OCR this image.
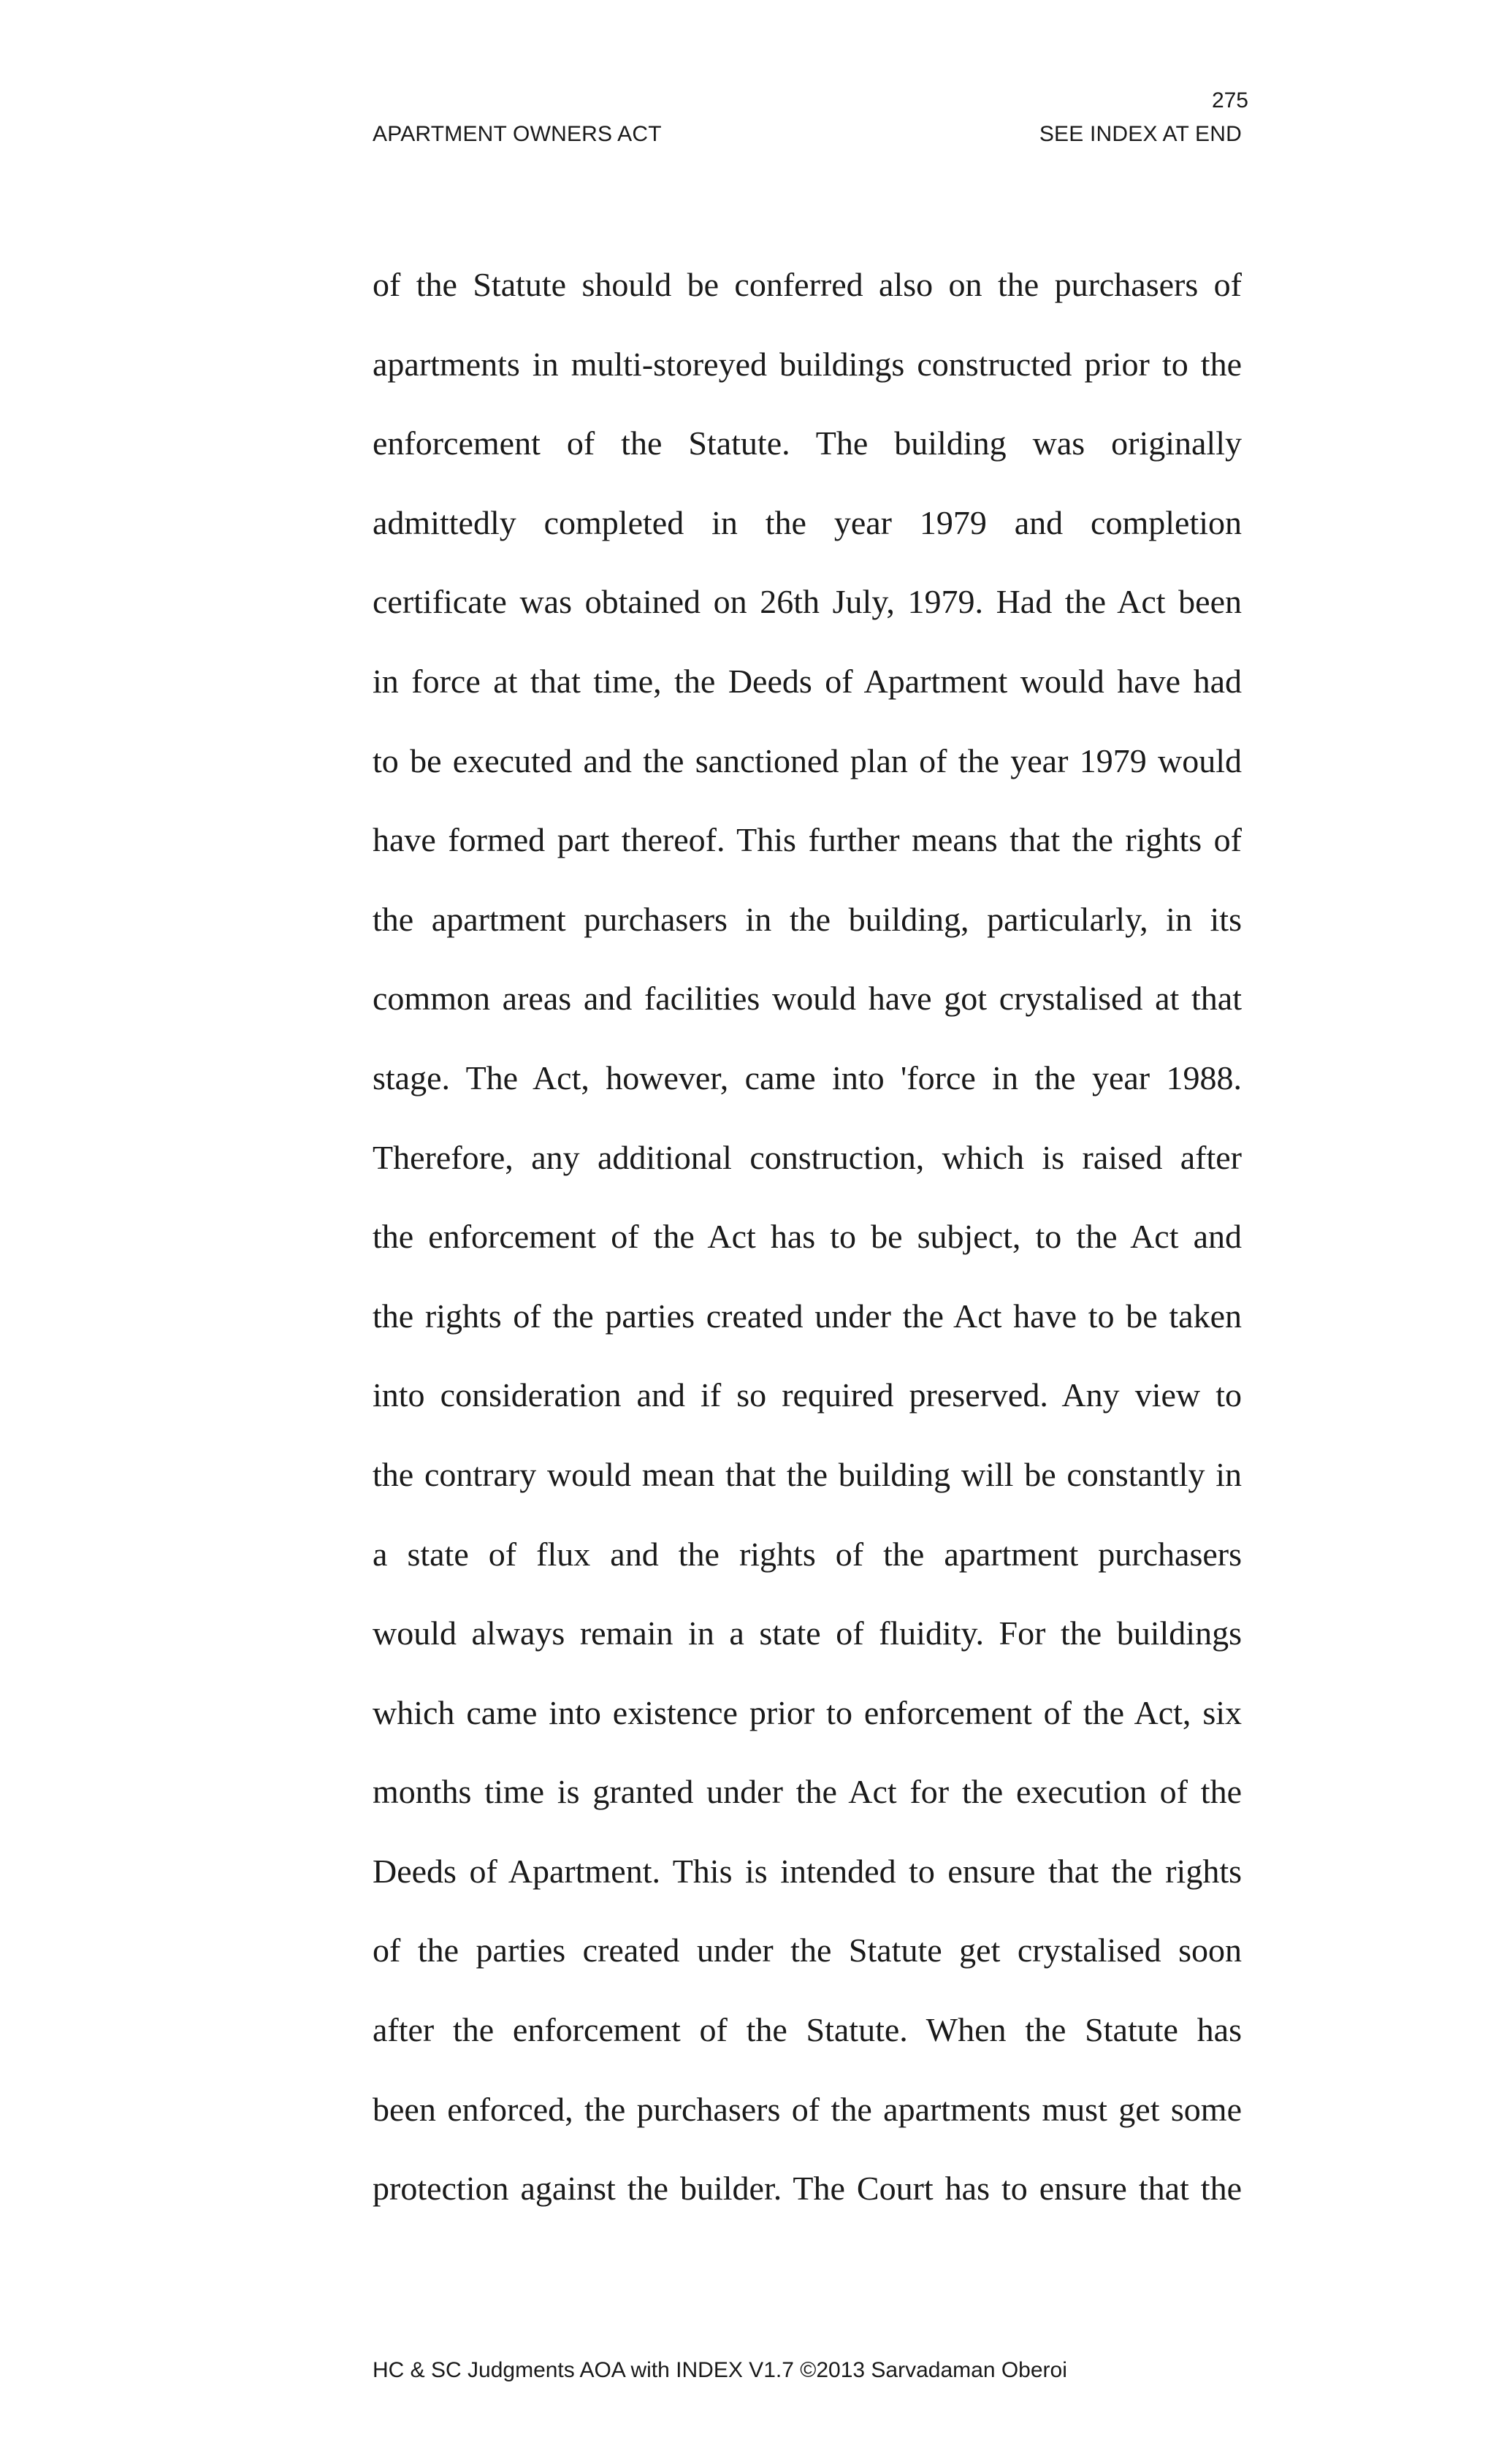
275
APARTMENT OWNERS ACT	SEE INDEX AT END
of the Statute should be conferred also on the purchasers of
apartments in multi-storeyed buildings constructed prior to the
enforcement of the Statute. The building was originally
admittedly completed in the year 1979 and completion
certificate was obtained on 26th July, 1979. Had the Act been
in force at that time, the Deeds of Apartment would have had
to be executed and the sanctioned plan of the year 1979 would
have formed part thereof. This further means that the rights of
the apartment purchasers in the building, particularly, in its
common areas and facilities would have got crystalised at that
stage. The Act, however, came into 'force in the year 1988.
Therefore, any additional construction, which is raised after
the enforcement of the Act has to be subject, to the Act and
the rights of the parties created under the Act have to be taken
into consideration and if so required preserved. Any view to
the contrary would mean that the building will be constantly in
a state of flux and the rights of the apartment purchasers
would always remain in a state of fluidity. For the buildings
which came into existence prior to enforcement of the Act, six
months time is granted under the Act for the execution of the
Deeds of Apartment. This is intended to ensure that the rights
of the parties created under the Statute get crystalised soon
after the enforcement of the Statute. When the Statute has
been enforced, the purchasers of the apartments must get some
protection against the builder. The Court has to ensure that the
HC & SC Judgments AOA with INDEX V1.7 ©2013 Sarvadaman Oberoi
